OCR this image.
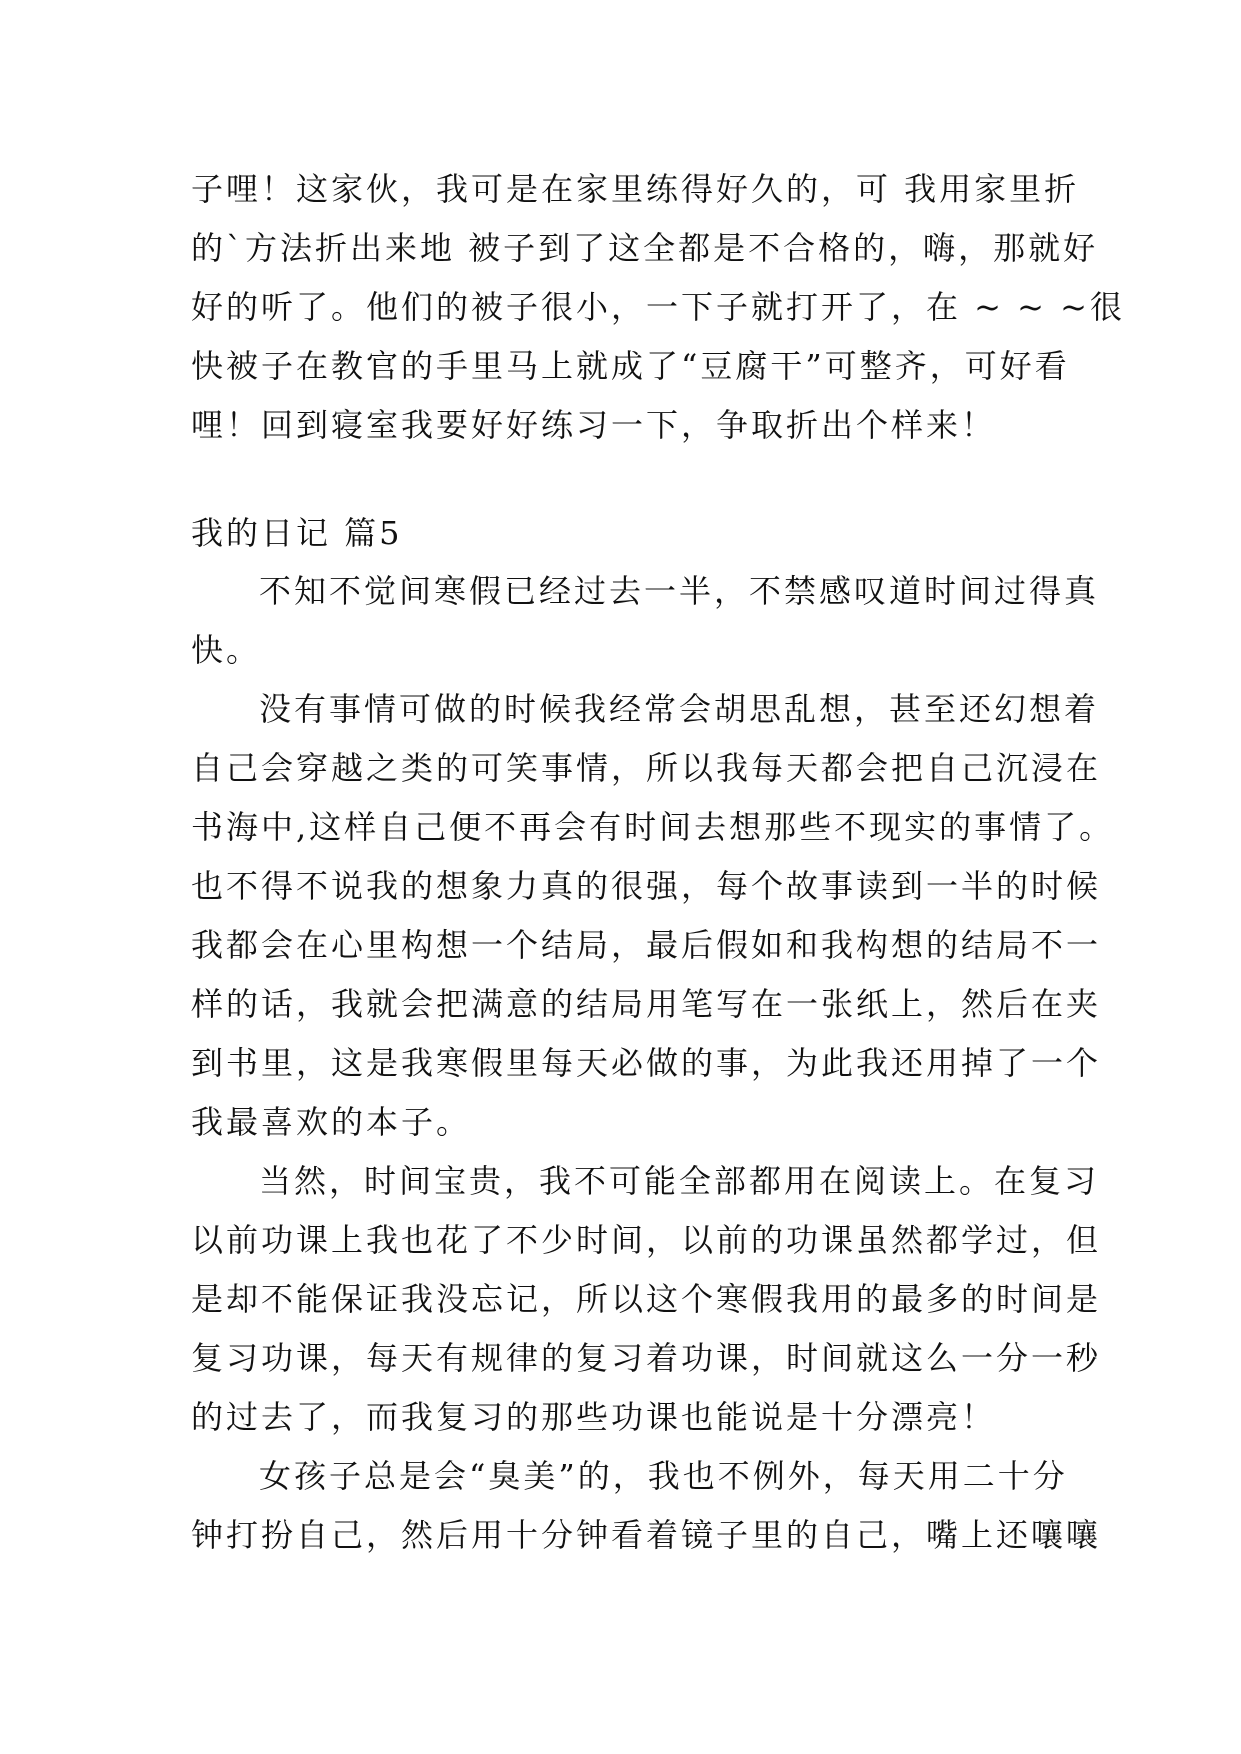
子哩！这家伙，我可是在家里练得好久的，可 我用家里折
的`方法折出来地 被子到了这全都是不合格的，嗨，那就好
好的听了。他们的被子很小，一下子就打开了，在 ~ ~ ~很
快被子在教官的手里马上就成了“豆腐干”可整齐，可好看
哩！回到寝室我要好好练习一下，争取折出个样来！
我的日记 篇5
不知不觉间寒假已经过去一半，不禁感叹道时间过得真
快。
没有事情可做的时候我经常会胡思乱想，甚至还幻想着
自己会穿越之类的可笑事情，所以我每天都会把自己沉浸在
书海中,这样自己便不再会有时间去想那些不现实的事情了。
也不得不说我的想象力真的很强，每个故事读到一半的时候
我都会在心里构想一个结局，最后假如和我构想的结局不一
样的话，我就会把满意的结局用笔写在一张纸上，然后在夹
到书里，这是我寒假里每天必做的事，为此我还用掉了一个
我最喜欢的本子。
当然，时间宝贵，我不可能全部都用在阅读上。在复习
以前功课上我也花了不少时间，以前的功课虽然都学过，但
是却不能保证我没忘记，所以这个寒假我用的最多的时间是
复习功课，每天有规律的复习着功课，时间就这么一分一秒
的过去了，而我复习的那些功课也能说是十分漂亮！
女孩子总是会“臭美”的，我也不例外，每天用二十分
钟打扮自己，然后用十分钟看着镜子里的自己，嘴上还嚷嚷
